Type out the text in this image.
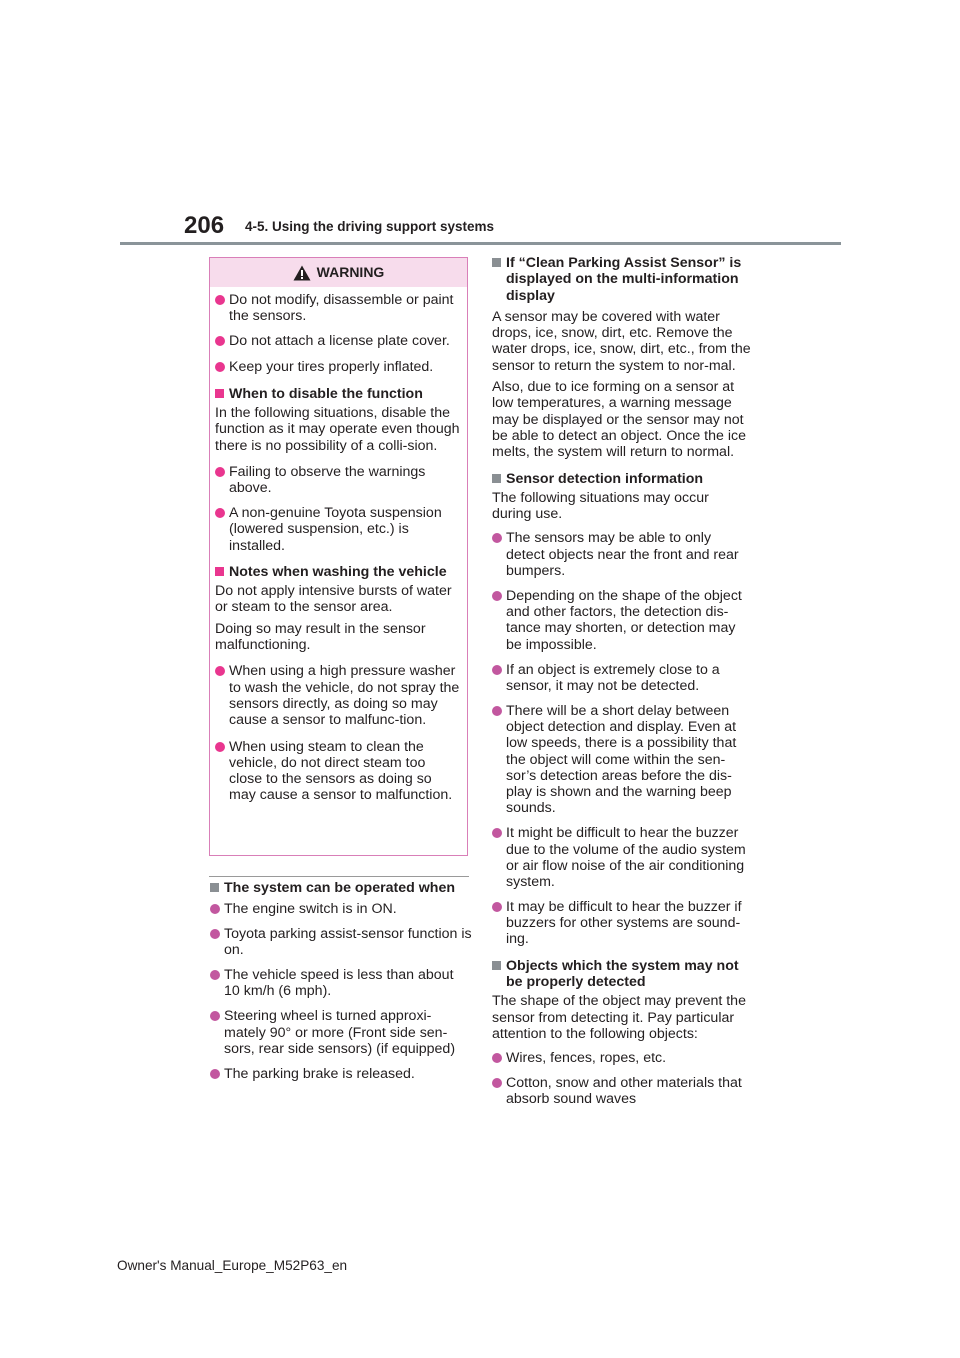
206 4-5. Using the driving support systems
WARNING
Do not modify, disassemble or paint the sensors.
Do not attach a license plate cover.
Keep your tires properly inflated.
When to disable the function
In the following situations, disable the function as it may operate even though there is no possibility of a colli-sion.
Failing to observe the warnings above.
A non-genuine Toyota suspension (lowered suspension, etc.) is installed.
Notes when washing the vehicle
Do not apply intensive bursts of water or steam to the sensor area.
Doing so may result in the sensor malfunctioning.
When using a high pressure washer to wash the vehicle, do not spray the sensors directly, as doing so may cause a sensor to malfunc-tion.
When using steam to clean the vehicle, do not direct steam too close to the sensors as doing so may cause a sensor to malfunction.
The system can be operated when
The engine switch is in ON.
Toyota parking assist-sensor function is on.
The vehicle speed is less than about 10 km/h (6 mph).
Steering wheel is turned approxi-mately 90° or more (Front side sen-sors, rear side sensors) (if equipped)
The parking brake is released.
If “Clean Parking Assist Sensor” is displayed on the multi-information display
A sensor may be covered with water drops, ice, snow, dirt, etc. Remove the water drops, ice, snow, dirt, etc., from the sensor to return the system to nor-mal.
Also, due to ice forming on a sensor at low temperatures, a warning message may be displayed or the sensor may not be able to detect an object. Once the ice melts, the system will return to normal.
Sensor detection information
The following situations may occur during use.
The sensors may be able to only detect objects near the front and rear bumpers.
Depending on the shape of the object and other factors, the detection dis-tance may shorten, or detection may be impossible.
If an object is extremely close to a sensor, it may not be detected.
There will be a short delay between object detection and display. Even at low speeds, there is a possibility that the object will come within the sen-sor’s detection areas before the dis-play is shown and the warning beep sounds.
It might be difficult to hear the buzzer due to the volume of the audio system or air flow noise of the air conditioning system.
It may be difficult to hear the buzzer if buzzers for other systems are sound-ing.
Objects which the system may not be properly detected
The shape of the object may prevent the sensor from detecting it. Pay particular attention to the following objects:
Wires, fences, ropes, etc.
Cotton, snow and other materials that absorb sound waves
Owner's Manual_Europe_M52P63_en
